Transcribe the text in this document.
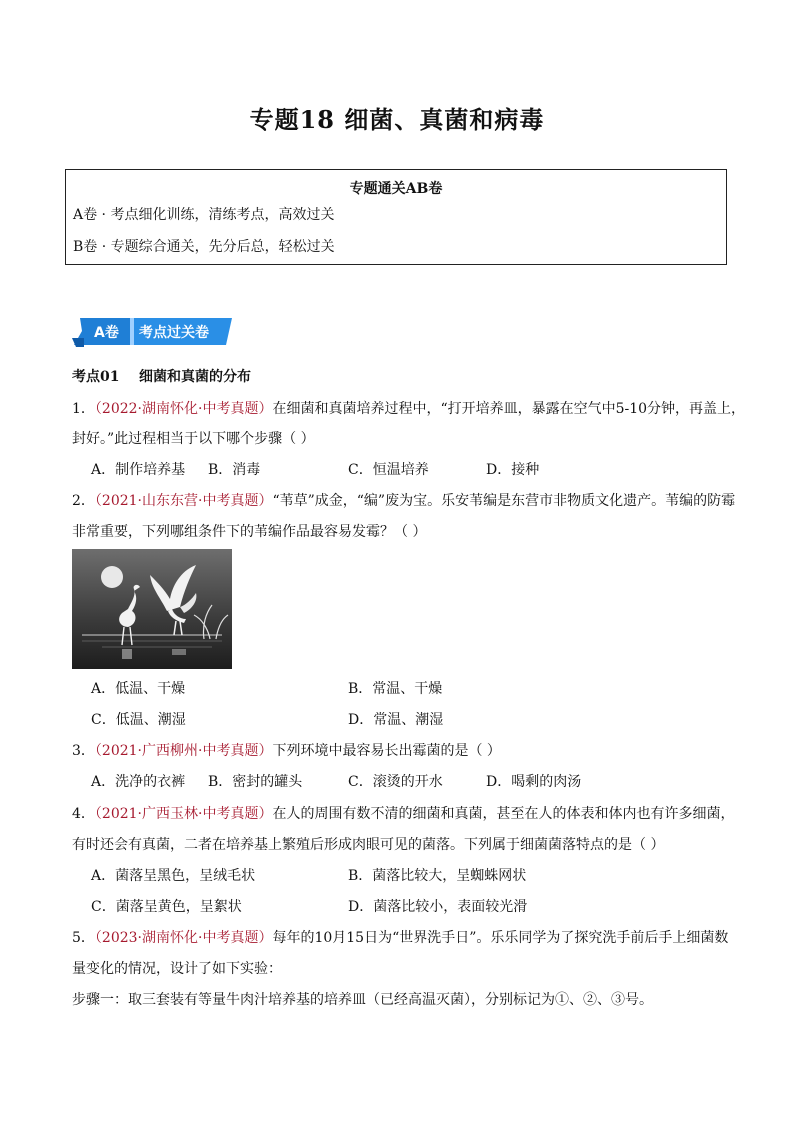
专题18 细菌、真菌和病毒
专题通关AB卷
A卷 · 考点细化训练，清练考点，高效过关
B卷 · 专题综合通关，先分后总，轻松过关
A卷 考点过关卷
考点01 细菌和真菌的分布
1．（2022·湖南怀化·中考真题）在细菌和真菌培养过程中，“打开培养皿，暴露在空气中5-10分钟，再盖上，
封好。”此过程相当于以下哪个步骤（ ）
A．制作培养基 B．消毒	C．恒温培养	D．接种
2．（2021·山东东营·中考真题）“苇草”成金，“编”废为宝。乐安苇编是东营市非物质文化遗产。苇编的防霉
非常重要，下列哪组条件下的苇编作品最容易发霉？（ ）
A．低温、干燥	B．常温、干燥
C．低温、潮湿	D．常温、潮湿
3．（2021·广西柳州·中考真题）下列环境中最容易长出霉菌的是（ ）
A．洗净的衣裤 B．密封的罐头	C．滚烫的开水	D．喝剩的肉汤
4．（2021·广西玉林·中考真题）在人的周围有数不清的细菌和真菌，甚至在人的体表和体内也有许多细菌，
有时还会有真菌，二者在培养基上繁殖后形成肉眼可见的菌落。下列属于细菌菌落特点的是（ ）
A．菌落呈黑色，呈绒毛状	B．菌落比较大，呈蜘蛛网状
C．菌落呈黄色，呈絮状	D．菌落比较小，表面较光滑
5．（2023·湖南怀化·中考真题）每年的10月15日为“世界洗手日”。乐乐同学为了探究洗手前后手上细菌数
量变化的情况，设计了如下实验：
步骤一：取三套装有等量牛肉汁培养基的培养皿（已经高温灭菌），分别标记为①、②、③号。
